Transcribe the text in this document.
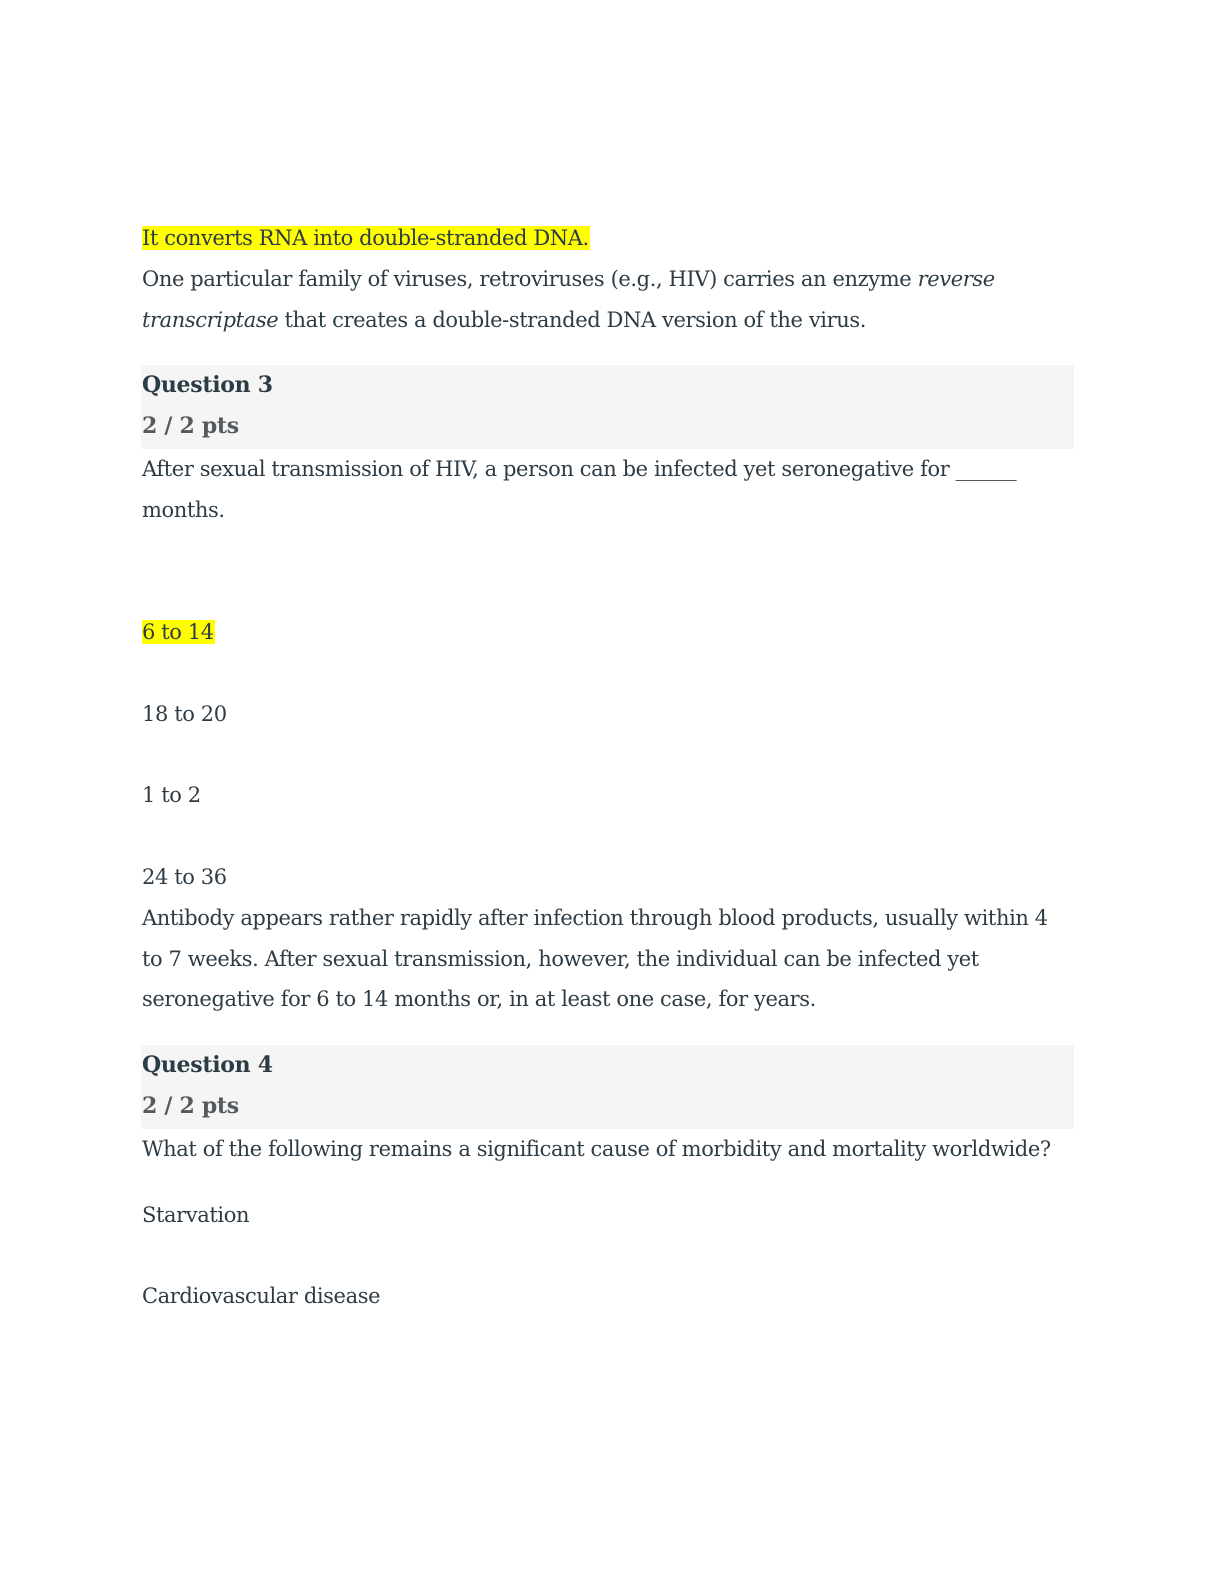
It converts RNA into double-stranded DNA.
One particular family of viruses, retroviruses (e.g., HIV) carries an enzyme reverse transcriptase that creates a double-stranded DNA version of the virus.
Question 3
2 / 2 pts
After sexual transmission of HIV, a person can be infected yet seronegative for ______ months.
6 to 14
18 to 20
1 to 2
24 to 36
Antibody appears rather rapidly after infection through blood products, usually within 4 to 7 weeks. After sexual transmission, however, the individual can be infected yet seronegative for 6 to 14 months or, in at least one case, for years.
Question 4
2 / 2 pts
What of the following remains a significant cause of morbidity and mortality worldwide?
Starvation
Cardiovascular disease
